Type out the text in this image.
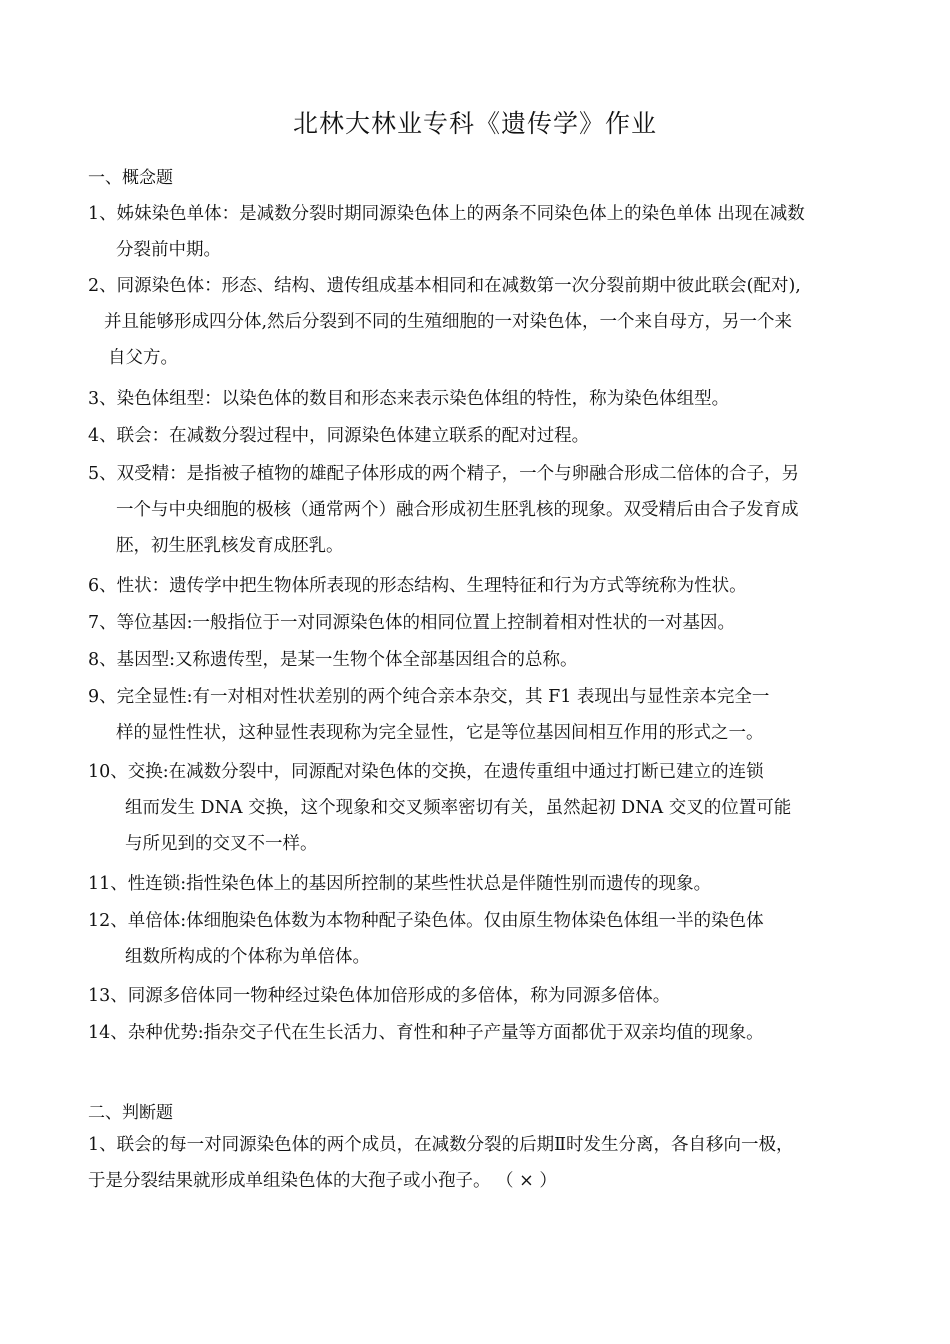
北林大林业专科《遗传学》作业
一、概念题
1、姊妹染色单体：是减数分裂时期同源染色体上的两条不同染色体上的染色单体 出现在减数
分裂前中期。
2、同源染色体：形态、结构、遗传组成基本相同和在减数第一次分裂前期中彼此联会(配对),
并且能够形成四分体,然后分裂到不同的生殖细胞的一对染色体，一个来自母方，另一个来
自父方。
3、染色体组型：以染色体的数目和形态来表示染色体组的特性，称为染色体组型。
4、联会：在减数分裂过程中，同源染色体建立联系的配对过程。
5、双受精：是指被子植物的雄配子体形成的两个精子，一个与卵融合形成二倍体的合子，另
一个与中央细胞的极核（通常两个）融合形成初生胚乳核的现象。双受精后由合子发育成
胚，初生胚乳核发育成胚乳。
6、性状：遗传学中把生物体所表现的形态结构、生理特征和行为方式等统称为性状。
7、等位基因:一般指位于一对同源染色体的相同位置上控制着相对性状的一对基因。
8、基因型:又称遗传型，是某一生物个体全部基因组合的总称。
9、完全显性:有一对相对性状差别的两个纯合亲本杂交，其 F1 表现出与显性亲本完全一
样的显性性状，这种显性表现称为完全显性，它是等位基因间相互作用的形式之一。
10、交换:在减数分裂中，同源配对染色体的交换，在遗传重组中通过打断已建立的连锁
组而发生 DNA 交换，这个现象和交叉频率密切有关，虽然起初 DNA 交叉的位置可能
与所见到的交叉不一样。
11、性连锁:指性染色体上的基因所控制的某些性状总是伴随性别而遗传的现象。
12、单倍体:体细胞染色体数为本物种配子染色体。仅由原生物体染色体组一半的染色体
组数所构成的个体称为单倍体。
13、同源多倍体同一物种经过染色体加倍形成的多倍体，称为同源多倍体。
14、杂种优势:指杂交子代在生长活力、育性和种子产量等方面都优于双亲均值的现象。
二、判断题
1、联会的每一对同源染色体的两个成员，在减数分裂的后期Ⅱ时发生分离，各自移向一极，
于是分裂结果就形成单组染色体的大孢子或小孢子。 （ × ）
